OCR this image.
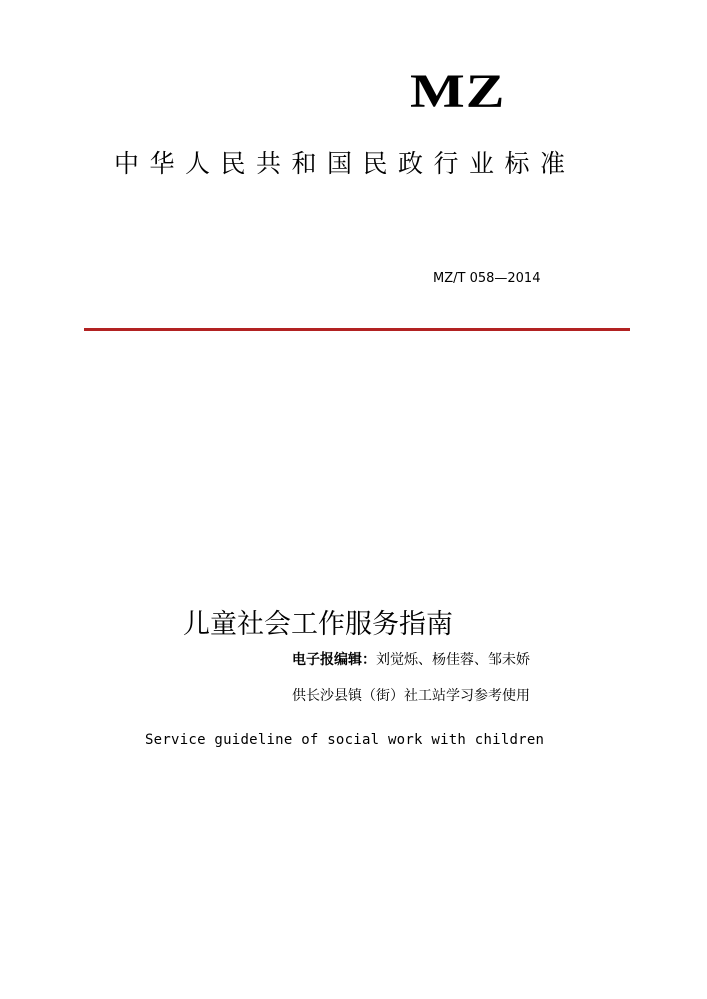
MZ
中华人民共和国民政行业标准
MZ/T 058—2014
儿童社会工作服务指南
电子报编辑：刘觉烁、杨佳蓉、邹未娇
供长沙县镇（街）社工站学习参考使用
Service guideline of social work with children
